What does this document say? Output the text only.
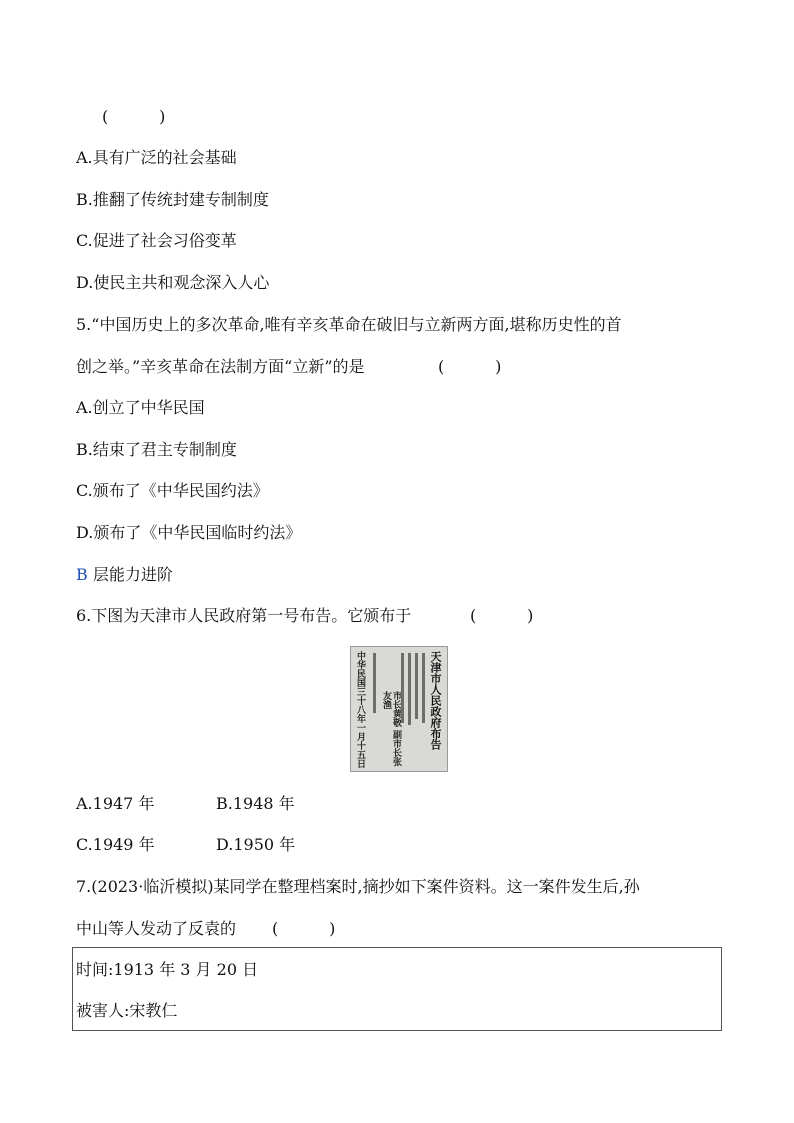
(          )
A.具有广泛的社会基础
B.推翻了传统封建专制制度
C.促进了社会习俗变革
D.使民主共和观念深入人心
5.“中国历史上的多次革命,唯有辛亥革命在破旧与立新两方面,堪称历史性的首
创之举。”辛亥革命在法制方面“立新”的是	(          )
A.创立了中华民国
B.结束了君主专制制度
C.颁布了《中华民国约法》
D.颁布了《中华民国临时约法》
B 层能力进阶
6.下图为天津市人民政府第一号布告。它颁布于	(          )
中华民国三十八年一月十五日	市长黄敬 副市长张友渔	天津市人民政府布告
A.1947 年	B.1948 年
C.1949 年	D.1950 年
7.(2023·临沂模拟)某同学在整理档案时,摘抄如下案件资料。这一案件发生后,孙
中山等人发动了反袁的 (          )
时间:1913 年 3 月 20 日
被害人:宋教仁
